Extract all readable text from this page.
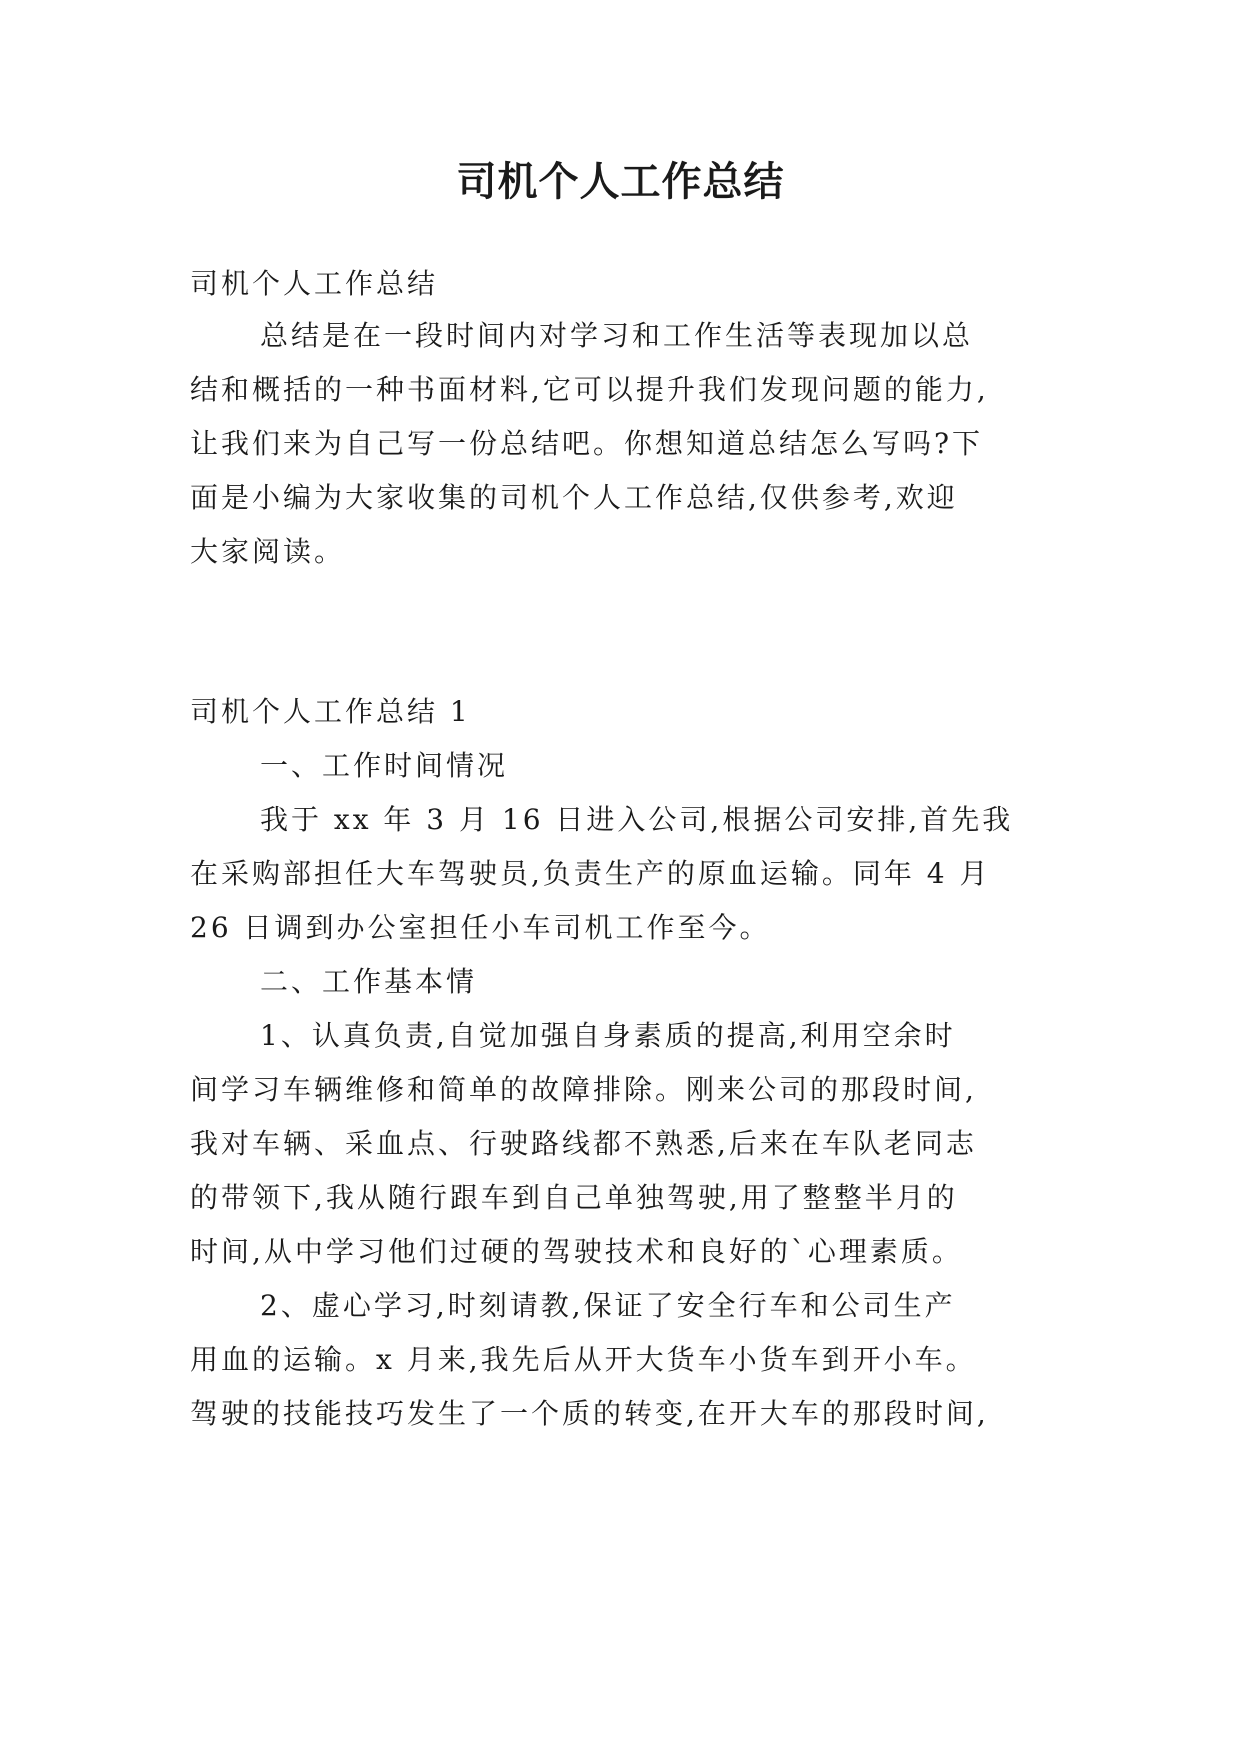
司机个人工作总结

司机个人工作总结

总结是在一段时间内对学习和工作生活等表现加以总

结和概括的一种书面材料,它可以提升我们发现问题的能力,

让我们来为自己写一份总结吧。你想知道总结怎么写吗?下

面是小编为大家收集的司机个人工作总结,仅供参考,欢迎

大家阅读。

司机个人工作总结 1

一、工作时间情况

我于 xx 年 3 月 16 日进入公司,根据公司安排,首先我

在采购部担任大车驾驶员,负责生产的原血运输。同年 4 月

26 日调到办公室担任小车司机工作至今。

二、工作基本情

1、认真负责,自觉加强自身素质的提高,利用空余时

间学习车辆维修和简单的故障排除。刚来公司的那段时间,

我对车辆、采血点、行驶路线都不熟悉,后来在车队老同志

的带领下,我从随行跟车到自己单独驾驶,用了整整半月的

时间,从中学习他们过硬的驾驶技术和良好的`心理素质。

2、虚心学习,时刻请教,保证了安全行车和公司生产

用血的运输。x 月来,我先后从开大货车小货车到开小车。

驾驶的技能技巧发生了一个质的转变,在开大车的那段时间,
